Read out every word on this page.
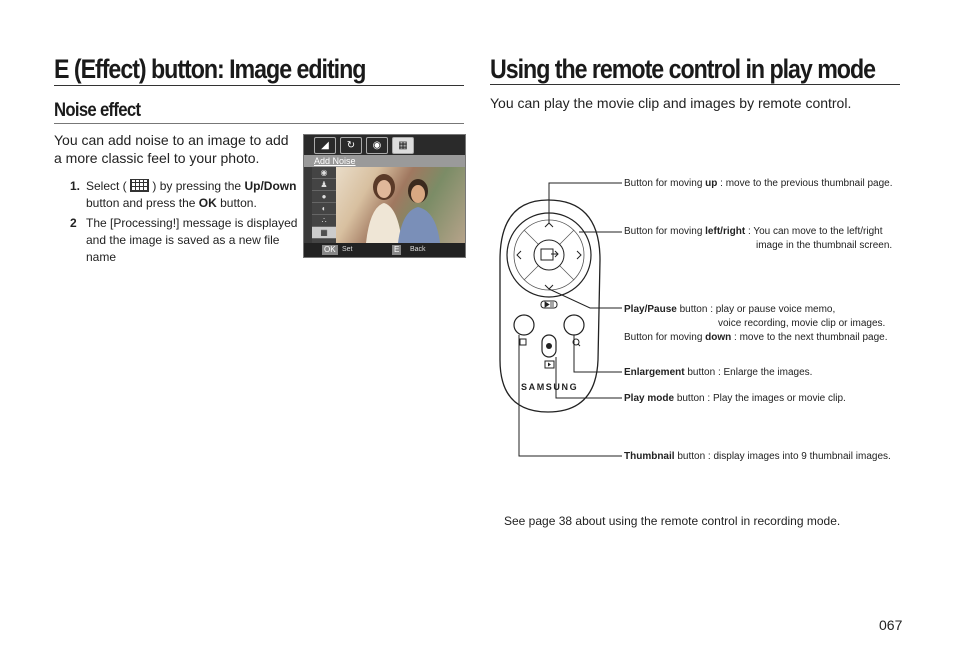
E (Effect) button: Image editing
Noise effect
You can add noise to an image to add a more classic feel to your photo.
1. Select ( ) by pressing the Up/Down
button and press the OK button.
2 The [Processing!] message is displayed and the image is saved as a new file name
◢	↻	◉	▦
Add Noise
◉
♟
●
◐
∴
▦
OK Set	E Back
Using the remote control in play mode
You can play the movie clip and images by remote control.
SAMSUNG
Button for moving up : move to the previous thumbnail page.
Button for moving left/right : You can move to the left/right
image in the thumbnail screen.
Play/Pause button : play or pause voice memo,
voice recording, movie clip or images.
Button for moving down : move to the next thumbnail page.
Enlargement button : Enlarge the images.
Play mode button : Play the images or movie clip.
Thumbnail button : display images into 9 thumbnail images.
See page 38 about using the remote control in recording mode.
067
